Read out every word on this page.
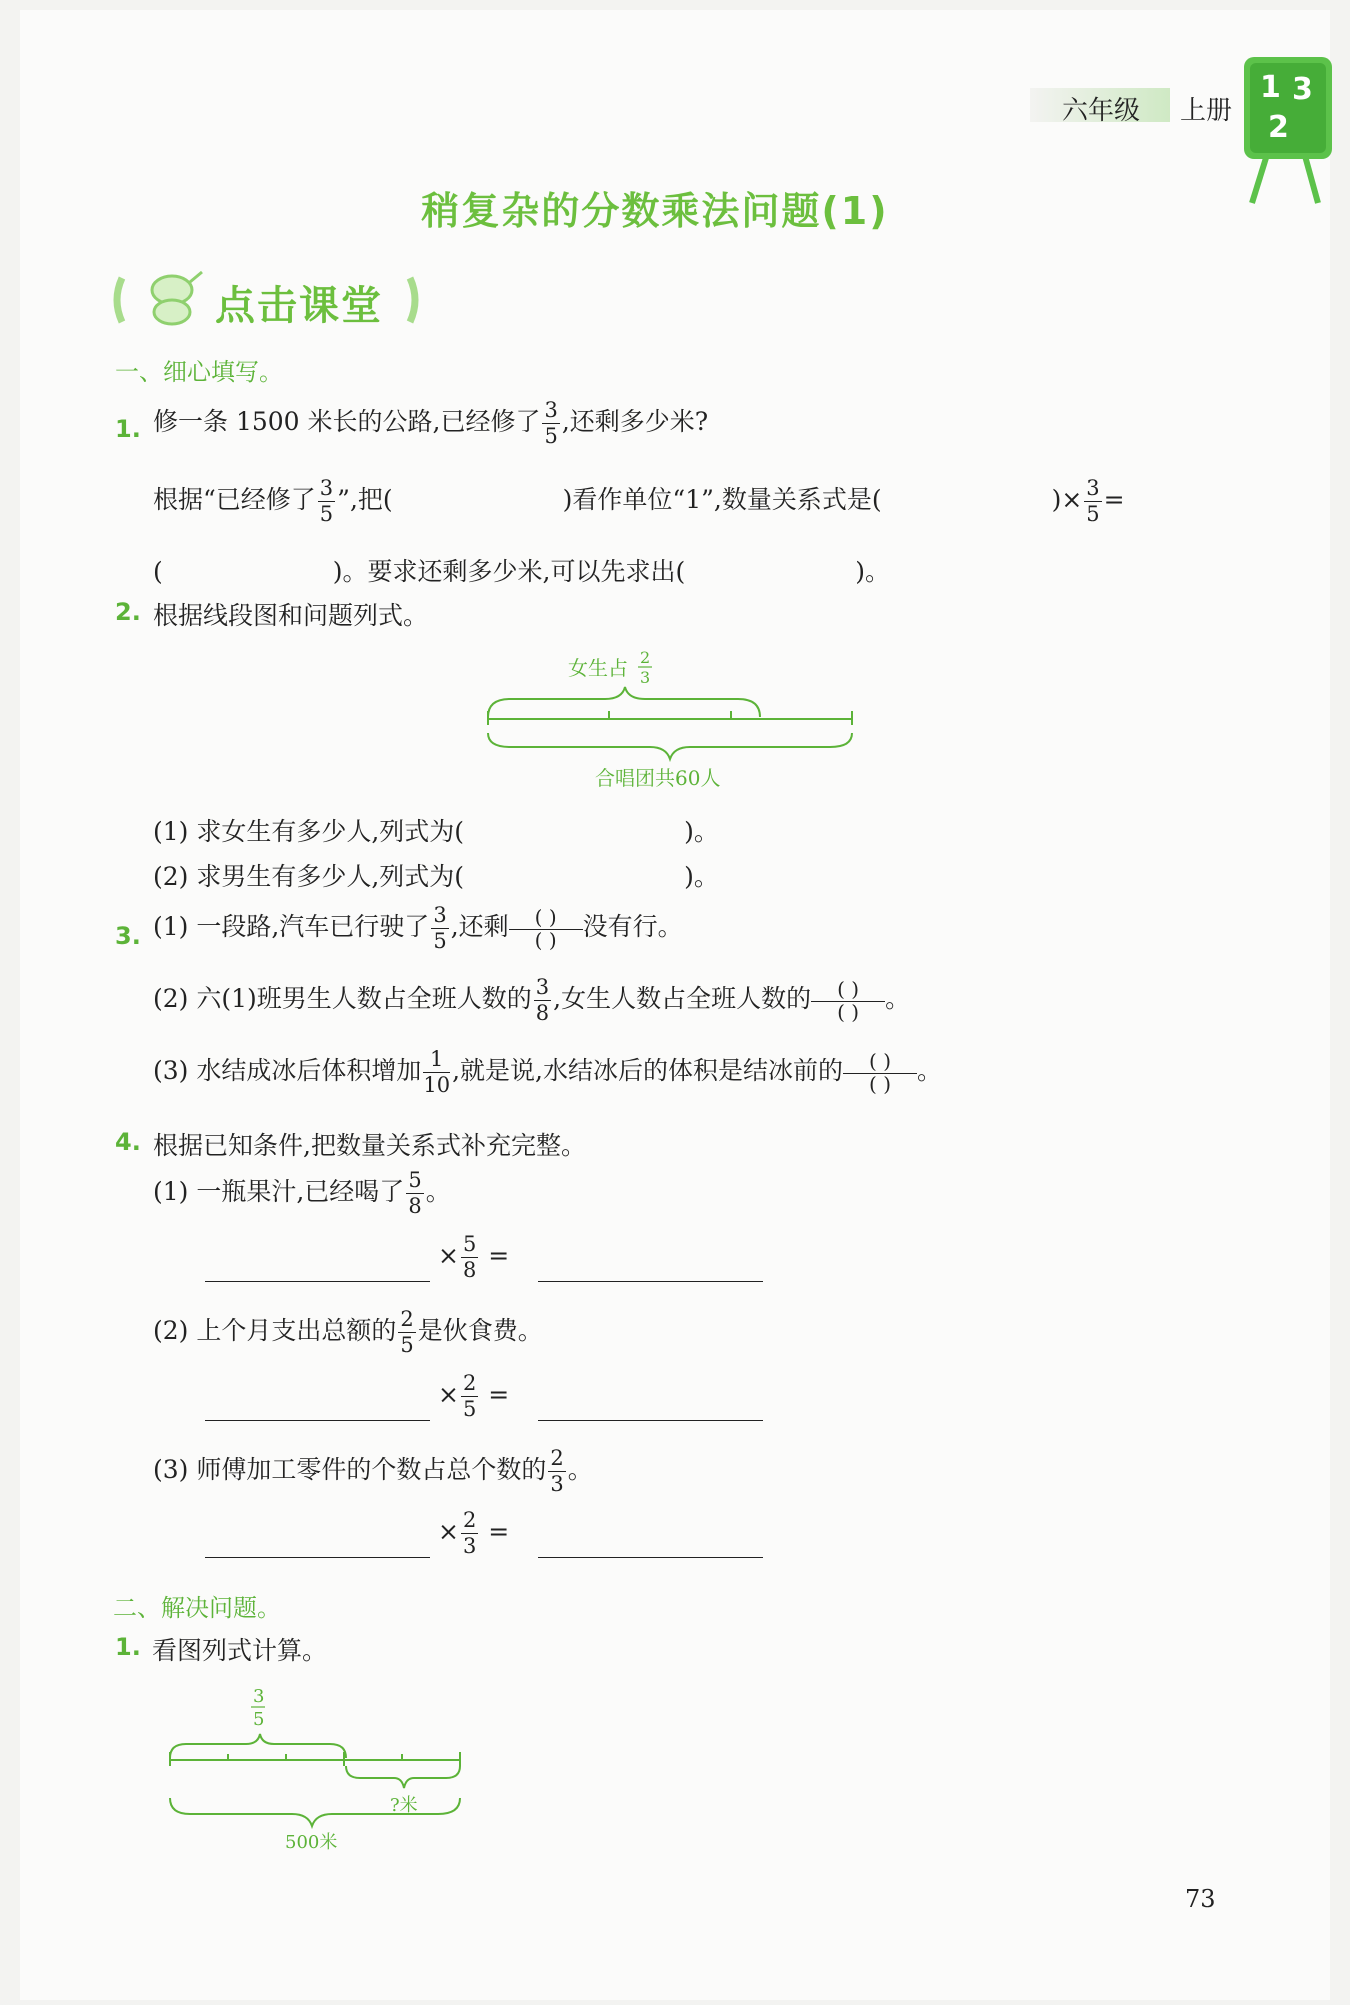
六年级 上册
1 3
2
稍复杂的分数乘法问题(1)
点击课堂
一、细心填写。
1. 修一条 1500 米长的公路,已经修了 $\frac{3}{5}$ ,还剩多少米?
根据“已经修了 $\frac{3}{5}$ ”,把(	)看作单位“1”,数量关系式是(	)× $\frac{3}{5}$ =
(	)。要求还剩多少米,可以先求出(	)。
2. 根据线段图和问题列式。
女生占 2
3
合唱团共60人
(1) 求女生有多少人,列式为(	)。
(2) 求男生有多少人,列式为(	)。
3. (1) 一段路,汽车已行驶了 $\frac{3}{5}$ ,还剩	( )
( )	没有行。
(2) 六(1)班男生人数占全班人数的 $\frac{3}{8}$ ,女生人数占全班人数的	( )
( )	。
(3) 水结成冰后体积增加 $\frac{1}{10}$ ,就是说,水结冰后的体积是结冰前的	( )
( )	。
4. 根据已知条件,把数量关系式补充完整。
(1) 一瓶果汁,已经喝了 $\frac{5}{8}$ 。
× $\frac{5}{8}$ =
(2) 上个月支出总额的 $\frac{2}{5}$ 是伙食费。
× $\frac{2}{5}$ =
(3) 师傅加工零件的个数占总个数的 $\frac{2}{3}$ 。
× $\frac{2}{3}$ =
二、解决问题。
1. 看图列式计算。
3
5
?米
500米
73
